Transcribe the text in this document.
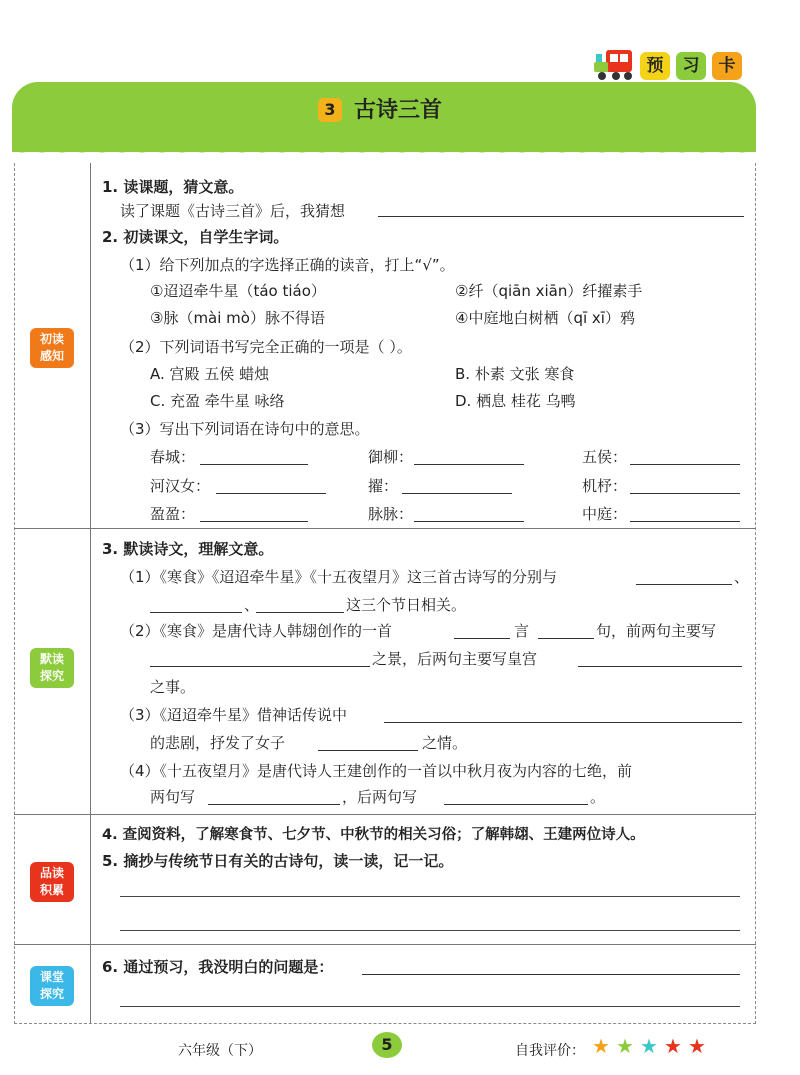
预	习	卡
3 古诗三首
初读
感知
默读
探究
品读
积累
课堂
探究
1. 读课题，猜文意。
读了课题《古诗三首》后，我猜想
2. 初读课文，自学生字词。
（1）给下列加点的字选择正确的读音，打上“√”。
①迢迢牵牛星（táo tiáo）	②纤（qiān xiān）纤擢素手
③脉（mài mò）脉不得语	④中庭地白树栖（qī xī）鸦
（2）下列词语书写完全正确的一项是（ ）。
A. 宫殿 五侯 蜡烛	B. 朴素 文张 寒食
C. 充盈 牵牛星 咏络	D. 栖息 桂花 乌鸭
（3）写出下列词语在诗句中的意思。
春城：	御柳：	五侯：
河汉女：	擢：	机杼：
盈盈：	脉脉：	中庭：
3. 默读诗文，理解文意。
（1）《寒食》《迢迢牵牛星》《十五夜望月》这三首古诗写的分别与	、
、	这三个节日相关。
（2）《寒食》是唐代诗人韩翃创作的一首	言	句，前两句主要写
之景，后两句主要写皇宫
之事。
（3）《迢迢牵牛星》借神话传说中
的悲剧，抒发了女子	之情。
（4）《十五夜望月》是唐代诗人王建创作的一首以中秋月夜为内容的七绝，前
两句写	，后两句写	。
4. 查阅资料，了解寒食节、七夕节、中秋节的相关习俗；了解韩翃、王建两位诗人。
5. 摘抄与传统节日有关的古诗句，读一读，记一记。
6. 通过预习，我没明白的问题是：
六年级（下）	5	自我评价： ★ ★ ★ ★ ★
